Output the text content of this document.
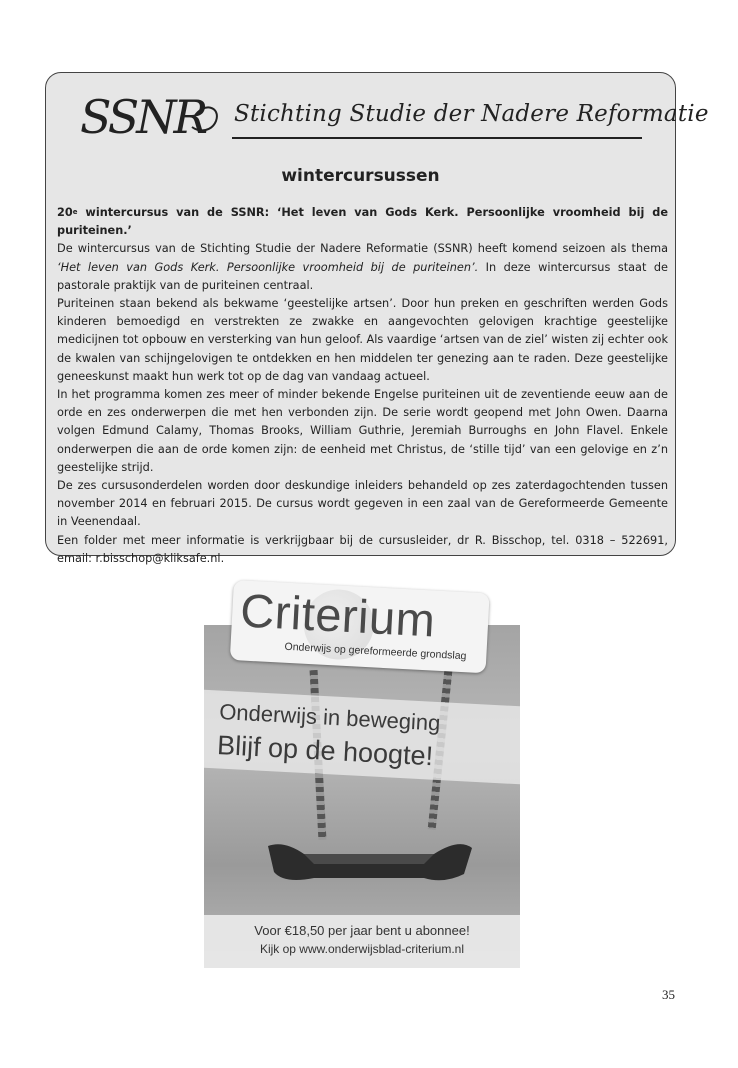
SSNR Stichting Studie der Nadere Reformatie
wintercursussen

20e wintercursus van de SSNR: ‘Het leven van Gods Kerk. Persoonlijke vroomheid bij de puriteinen.’

De wintercursus van de Stichting Studie der Nadere Reformatie (SSNR) heeft komend seizoen als thema ‘Het leven van Gods Kerk. Persoonlijke vroomheid bij de puriteinen’. In deze wintercursus staat de pastorale praktijk van de puriteinen centraal.

Puriteinen staan bekend als bekwame ‘geestelijke artsen’. Door hun preken en geschriften werden Gods kinderen bemoedigd en verstrekten ze zwakke en aangevochten gelovigen krachtige geestelijke medicijnen tot opbouw en versterking van hun geloof. Als vaardige ‘artsen van de ziel’ wisten zij echter ook de kwalen van schijngelovigen te ontdekken en hen middelen ter genezing aan te raden. Deze geestelijke geneeskunst maakt hun werk tot op de dag van vandaag actueel.

In het programma komen zes meer of minder bekende Engelse puriteinen uit de zeventiende eeuw aan de orde en zes onderwerpen die met hen verbonden zijn. De serie wordt geopend met John Owen. Daarna volgen Edmund Calamy, Thomas Brooks, William Guthrie, Jeremiah Burroughs en John Flavel. Enkele onderwerpen die aan de orde komen zijn: de eenheid met Christus, de ‘stille tijd’ van een gelovige en z’n geestelijke strijd.

De zes cursusonderdelen worden door deskundige inleiders behandeld op zes zaterdagochtenden tussen november 2014 en februari 2015. De cursus wordt gegeven in een zaal van de Gereformeerde Gemeente in Veenendaal.

Een folder met meer informatie is verkrijgbaar bij de cursusleider, dr R. Bisschop, tel. 0318 – 522691, email: r.bisschop@kliksafe.nl.

Onderwijs in beweging
Blijf op de hoogte!
Voor €18,50 per jaar bent u abonnee!
Kijk op www.onderwijsblad-criterium.nl
Criterium
Onderwijs op gereformeerde grondslag
35
